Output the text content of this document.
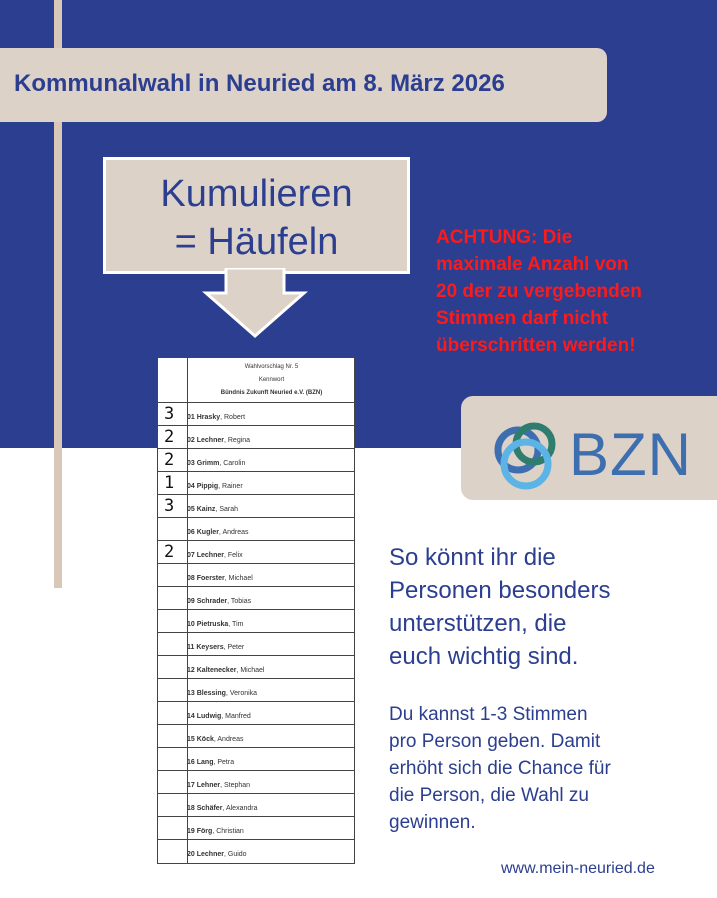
Kommunalwahl in Neuried am 8. März 2026
Kumulieren
= Häufeln	ACHTUNG: Die
maximale Anzahl von
20 der zu vergebenden
Stimmen darf nicht
überschritten werden!
BZN
Wahlvorschlag Nr. 5
Kennwort
Bündnis Zukunft Neuried e.V. (BZN)
3 01 Hrasky, Robert
2 02 Lechner, Regina
2 03 Grimm, Carolin
1 04 Pippig, Rainer
3 05 Kainz, Sarah
06 Kugler, Andreas
2 07 Lechner, Felix
08 Foerster, Michael
09 Schrader, Tobias
10 Pietruska, Tim
11 Keysers, Peter
12 Kaltenecker, Michael
13 Blessing, Veronika
14 Ludwig, Manfred
15 Köck, Andreas
16 Lang, Petra
17 Lehner, Stephan
18 Schäfer, Alexandra
19 Förg, Christian
20 Lechner, Guido
So könnt ihr die
Personen besonders
unterstützen, die
euch wichtig sind.
Du kannst 1-3 Stimmen
pro Person geben. Damit
erhöht sich die Chance für
die Person, die Wahl zu
gewinnen.
www.mein-neuried.de
